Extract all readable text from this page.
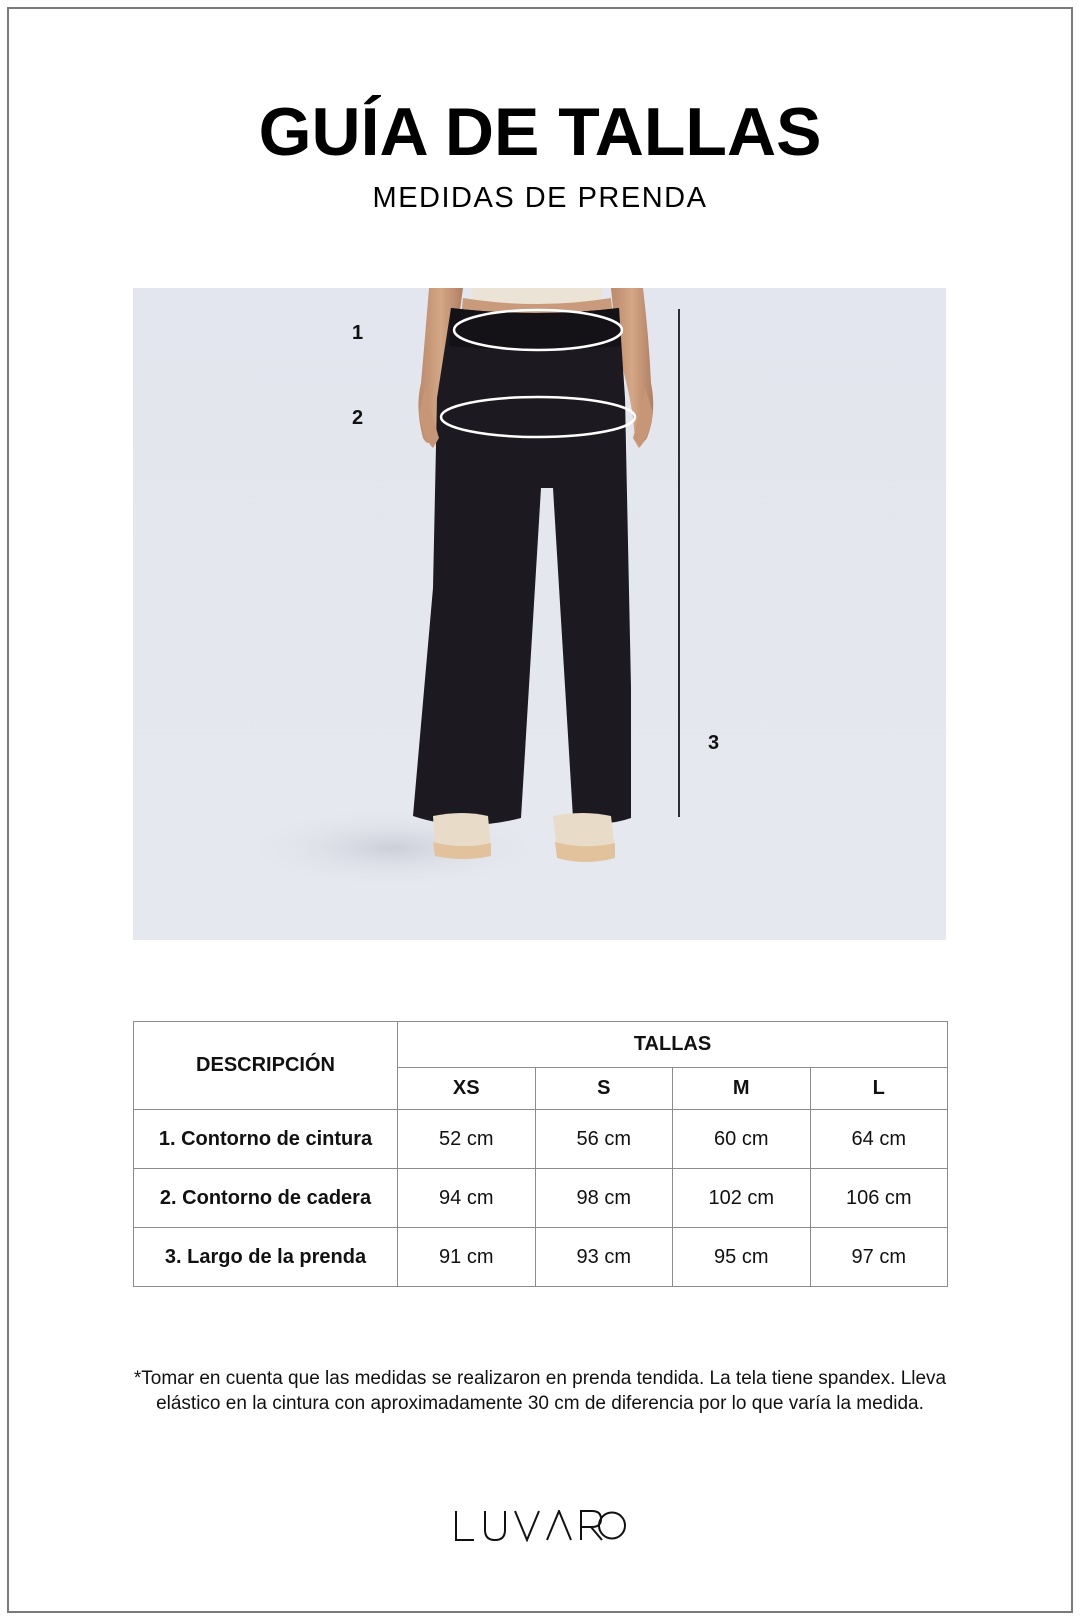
GUÍA DE TALLAS
MEDIDAS DE PRENDA
1
2
3
DESCRIPCIÓN	TALLAS			
	XS	S	M	L
1. Contorno de cintura	52 cm	56 cm	60 cm	64 cm
2. Contorno de cadera	94 cm	98 cm	102 cm	106 cm
3. Largo de la prenda	91 cm	93 cm	95 cm	97 cm
*Tomar en cuenta que las medidas se realizaron en prenda tendida. La tela tiene spandex. Lleva
elástico en la cintura con aproximadamente 30 cm de diferencia por lo que varía la medida.
